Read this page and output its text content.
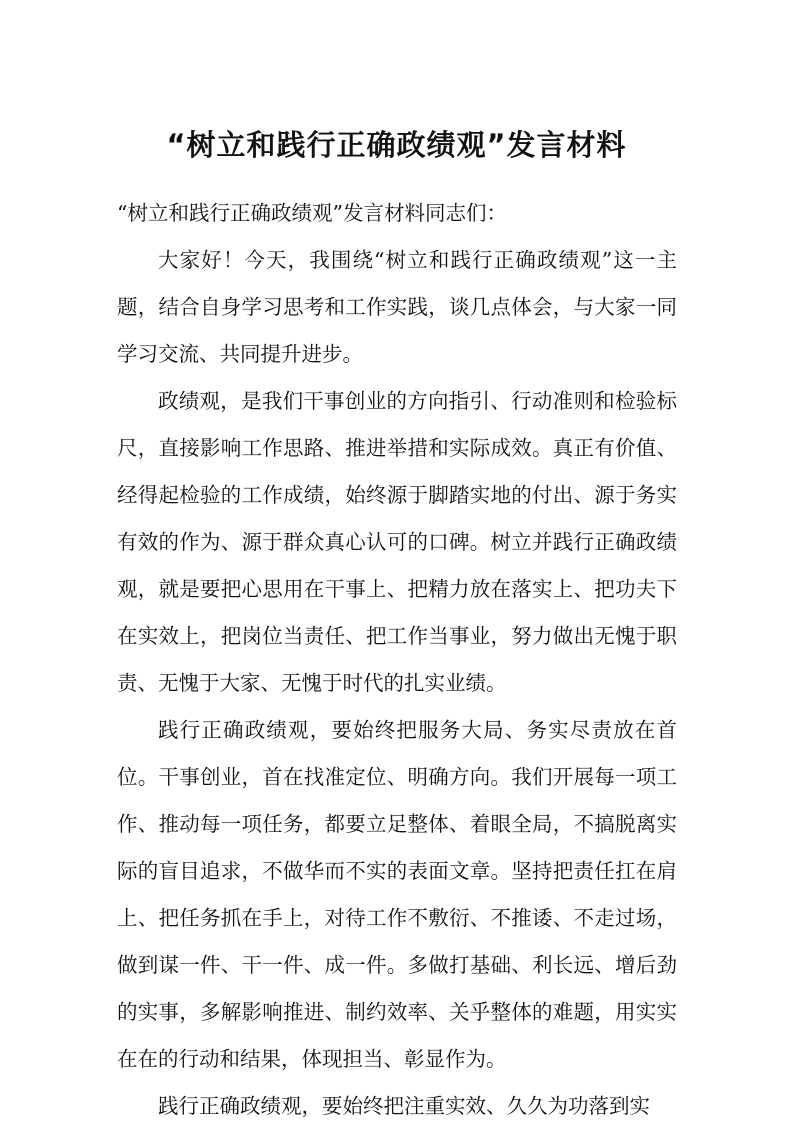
“树立和践行正确政绩观”发言材料

“树立和践行正确政绩观”发言材料同志们：

大家好！今天，我围绕“树立和践行正确政绩观”这一主题，结合自身学习思考和工作实践，谈几点体会，与大家一同学习交流、共同提升进步。

政绩观，是我们干事创业的方向指引、行动准则和检验标尺，直接影响工作思路、推进举措和实际成效。真正有价值、经得起检验的工作成绩，始终源于脚踏实地的付出、源于务实有效的作为、源于群众真心认可的口碑。树立并践行正确政绩观，就是要把心思用在干事上、把精力放在落实上、把功夫下在实效上，把岗位当责任、把工作当事业，努力做出无愧于职责、无愧于大家、无愧于时代的扎实业绩。

践行正确政绩观，要始终把服务大局、务实尽责放在首位。干事创业，首在找准定位、明确方向。我们开展每一项工作、推动每一项任务，都要立足整体、着眼全局，不搞脱离实际的盲目追求，不做华而不实的表面文章。坚持把责任扛在肩上、把任务抓在手上，对待工作不敷衍、不推诿、不走过场，做到谋一件、干一件、成一件。多做打基础、利长远、增后劲的实事，多解影响推进、制约效率、关乎整体的难题，用实实在在的行动和结果，体现担当、彰显作为。

践行正确政绩观，要始终把注重实效、久久为功落到实
